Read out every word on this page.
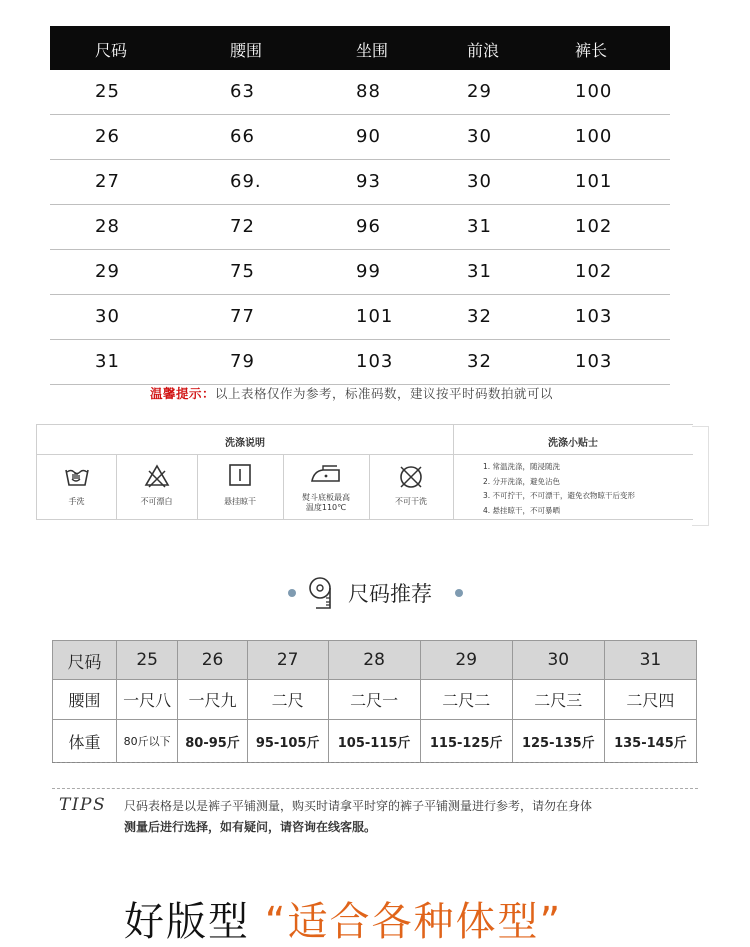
尺码	腰围	坐围	前浪	裤长
25	63	88	29	100
26	66	90	30	100
27	69.	93	30	101
28	72	96	31	102
29	75	99	31	102
30	77	101	32	103
31	79	103	32	103
温馨提示：以上表格仅作为参考，标准码数，建议按平时码数拍就可以
洗涤说明	洗涤小贴士
手洗	不可漂白	悬挂晾干	熨斗底板最高
温度110℃
不可干洗
1. 常温洗涤，随浸随洗
2. 分开洗涤，避免沾色
3. 不可拧干，不可漂干，避免衣物晾干后变形
4. 悬挂晾干，不可暴晒
尺码推荐
尺码	25	26	27	28	29	30	31
腰围	一尺八	一尺九	二尺	二尺一	二尺二	二尺三	二尺四
体重	80斤以下	80-95斤	95-105斤	105-115斤	115-125斤	125-135斤	135-145斤
TIPS 尺码表格是以是裤子平铺测量，购买时请拿平时穿的裤子平铺测量进行参考，请勿在身体
测量后进行选择，如有疑问，请咨询在线客服。
好版型 “适合各种体型”
